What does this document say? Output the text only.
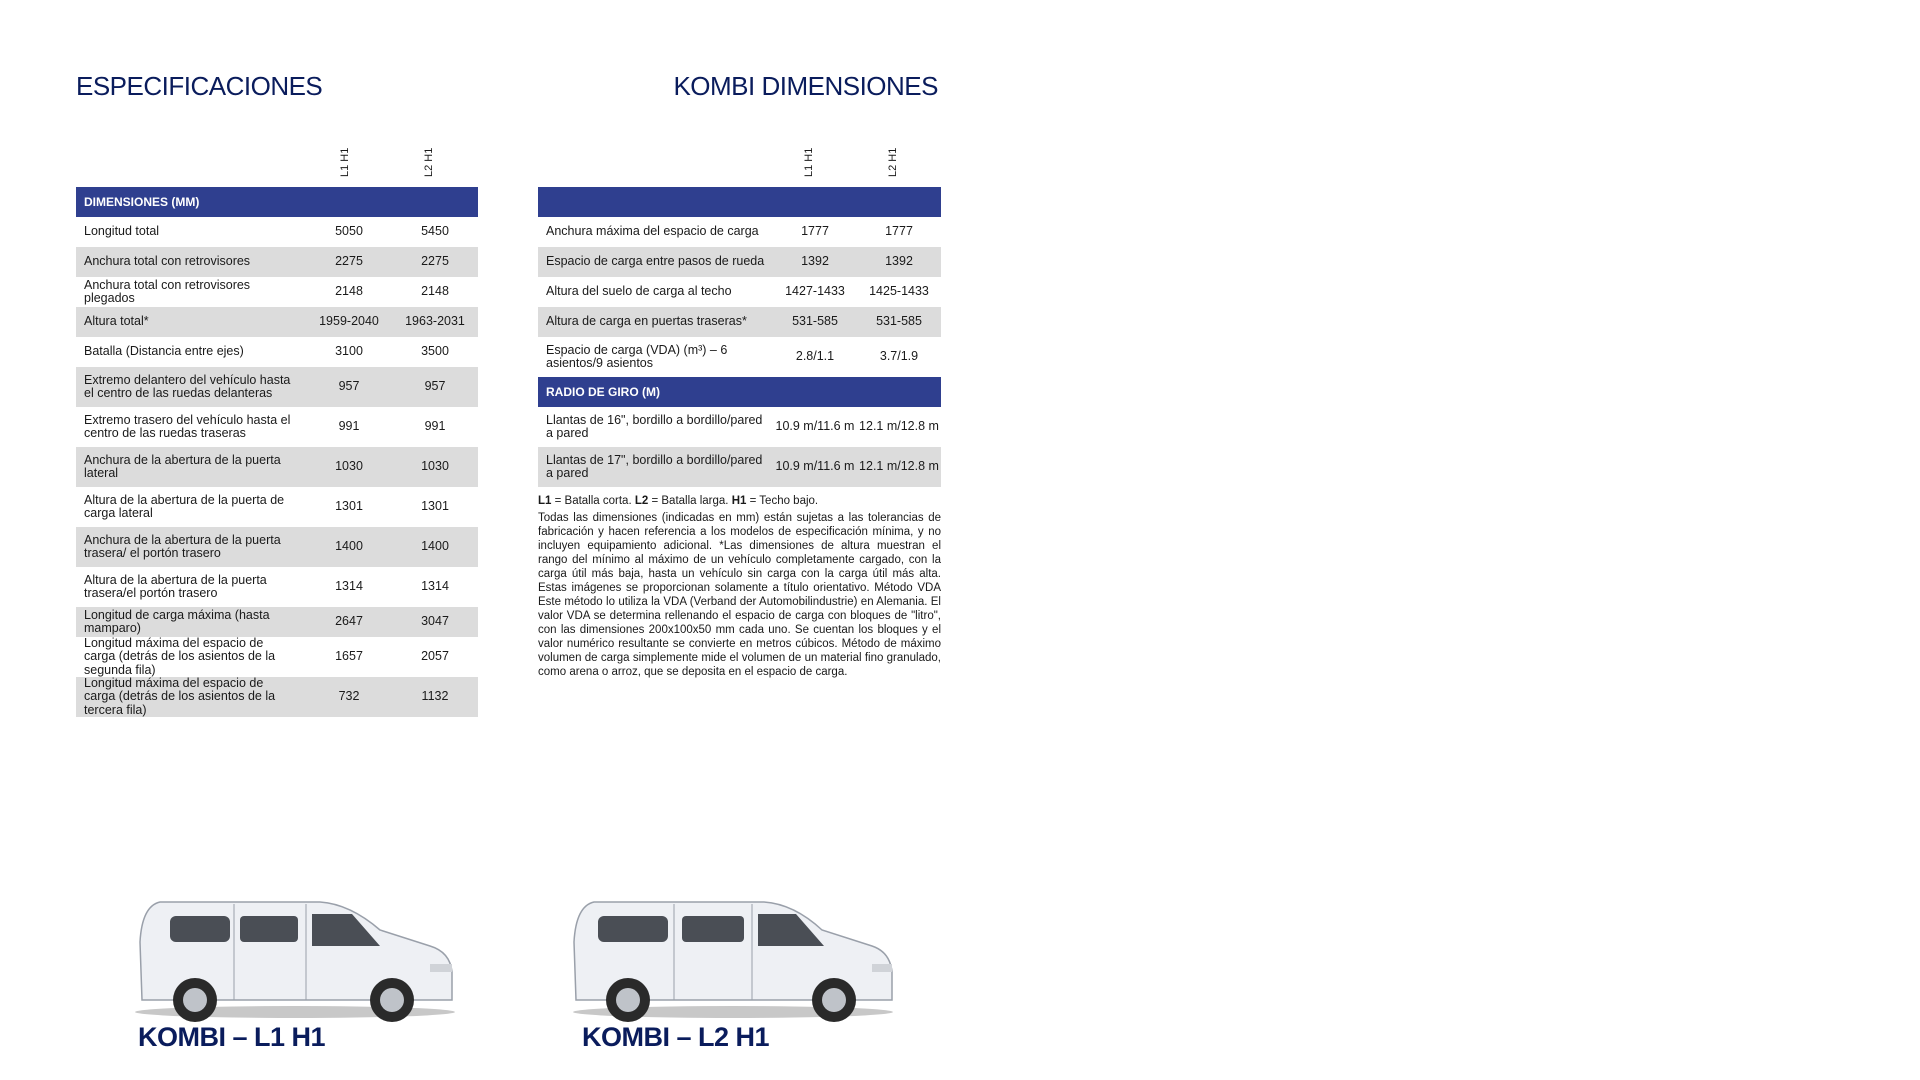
ESPECIFICACIONES	KOMBI DIMENSIONES
L1 H1	L2 H1	L1 H1	L2 H1
DIMENSIONES (MM)		
Longitud total	5050	5450
Anchura total con retrovisores	2275	2275
Anchura total con retrovisores plegados	2148	2148
Altura total*	1959-2040	1963-2031
Batalla (Distancia entre ejes)	3100	3500
Extremo delantero del vehículo hasta el centro de las ruedas delanteras	957	957
Extremo trasero del vehículo hasta el centro de las ruedas traseras	991	991
Anchura de la abertura de la puerta lateral	1030	1030
Altura de la abertura de la puerta de carga lateral	1301	1301
Anchura de la abertura de la puerta trasera/ el portón trasero	1400	1400
Altura de la abertura de la puerta trasera/el portón trasero	1314	1314
Longitud de carga máxima (hasta mamparo)	2647	3047
Longitud máxima del espacio de carga (detrás de los asientos de la segunda fila)	1657	2057
Longitud máxima del espacio de carga (detrás de los asientos de la tercera fila)	732	1132

Anchura máxima del espacio de carga	1777	1777
Espacio de carga entre pasos de rueda	1392	1392
Altura del suelo de carga al techo	1427-1433	1425-1433
Altura de carga en puertas traseras*	531-585	531-585
Espacio de carga (VDA) (m³) – 6 asientos/9 asientos	2.8/1.1	3.7/1.9
RADIO DE GIRO (M)		
Llantas de 16", bordillo a bordillo/pared a pared	10.9 m/11.6 m	12.1 m/12.8 m
Llantas de 17", bordillo a bordillo/pared a pared	10.9 m/11.6 m	12.1 m/12.8 m

L1 = Batalla corta. L2 = Batalla larga. H1 = Techo bajo.

Todas las dimensiones (indicadas en mm) están sujetas a las tolerancias de fabricación y hacen referencia a los modelos de especificación mínima, y no incluyen equipamiento adicional. *Las dimensiones de altura muestran el rango del mínimo al máximo de un vehículo completamente cargado, con la carga útil más baja, hasta un vehículo sin carga con la carga útil más alta. Estas imágenes se proporcionan solamente a título orientativo. Método VDA Este método lo utiliza la VDA (Verband der Automobilindustrie) en Alemania. El valor VDA se determina rellenando el espacio de carga con bloques de "litro", con las dimensiones 200x100x50 mm cada uno. Se cuentan los bloques y el valor numérico resultante se convierte en metros cúbicos. Método de máximo volumen de carga simplemente mide el volumen de un material fino granulado, como arena o arroz, que se deposita en el espacio de carga.

KOMBI – L1 H1	KOMBI – L2 H1
